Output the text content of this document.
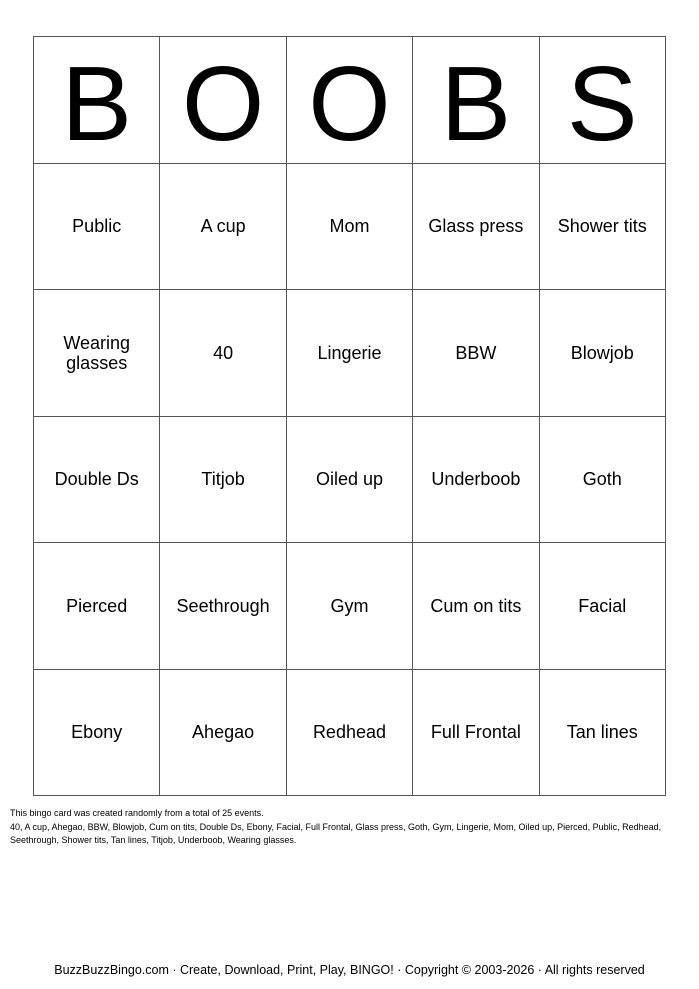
B	O	O	B	S
Public	A cup	Mom	Glass press	Shower tits
Wearing glasses	40	Lingerie	BBW	Blowjob
Double Ds	Titjob	Oiled up	Underboob	Goth
Pierced	Seethrough	Gym	Cum on tits	Facial
Ebony	Ahegao	Redhead	Full Frontal	Tan lines
This bingo card was created randomly from a total of 25 events.
40, A cup, Ahegao, BBW, Blowjob, Cum on tits, Double Ds, Ebony, Facial, Full Frontal, Glass press, Goth, Gym, Lingerie, Mom, Oiled up, Pierced, Public, Redhead, Seethrough, Shower tits, Tan lines, Titjob, Underboob, Wearing glasses.
BuzzBuzzBingo.com · Create, Download, Print, Play, BINGO! · Copyright © 2003-2026 · All rights reserved
